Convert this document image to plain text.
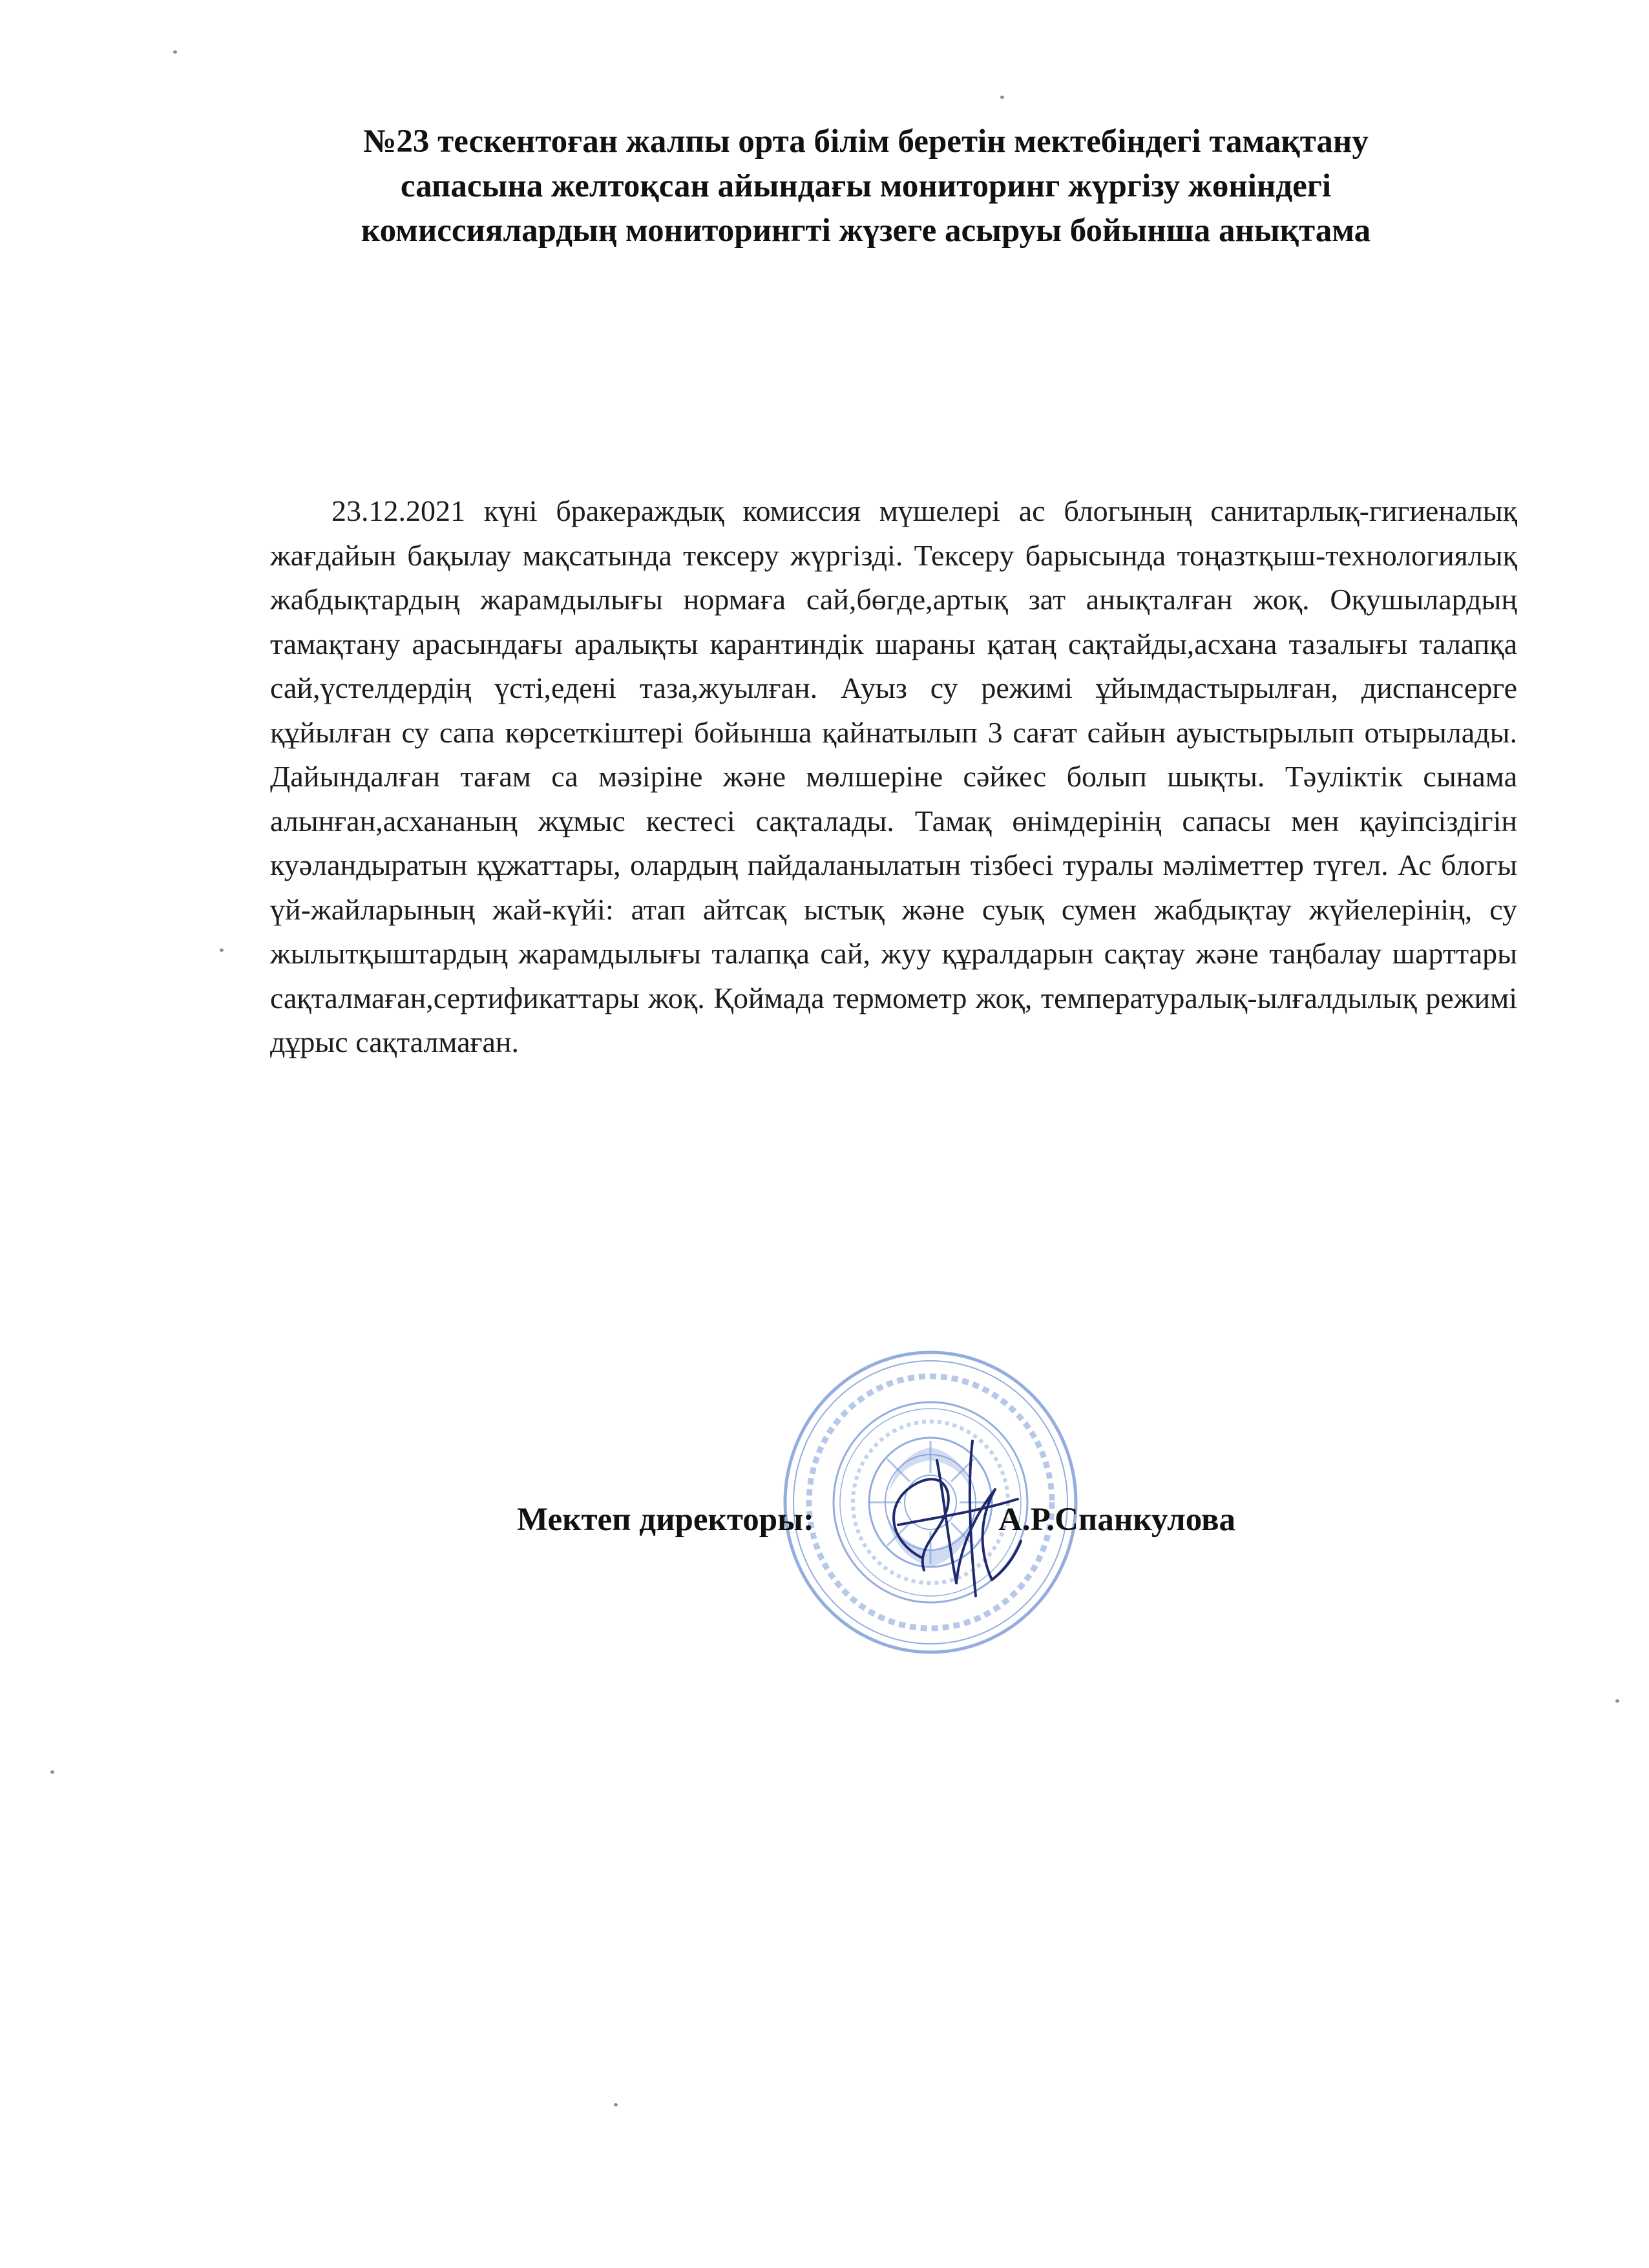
№23 тескентоған жалпы орта білім беретін мектебіндегі тамақтану
сапасына желтоқсан айындағы мониторинг жүргізу жөніндегі
комиссиялардың мониторингті жүзеге асыруы бойынша анықтама
23.12.2021 күні бракераждық комиссия мүшелері ас блогының санитарлық-гигиеналық жағдайын бақылау мақсатында тексеру жүргізді. Тексеру барысында тоңазтқыш-технологиялық жабдықтардың жарамдылығы нормаға сай,бөгде,артық зат анықталған жоқ. Оқушылардың тамақтану арасындағы аралықты карантиндік шараны қатаң сақтайды,асхана тазалығы талапқа сай,үстелдердің үсті,едені таза,жуылған. Ауыз су режимі ұйымдастырылған, диспансерге құйылған су сапа көрсеткіштері бойынша қайнатылып 3 сағат сайын ауыстырылып отырылады. Дайындалған тағам са мәзіріне және мөлшеріне сәйкес болып шықты. Тәуліктік сынама алынған,асхананың жұмыс кестесі сақталады. Тамақ өнімдерінің сапасы мен қауіпсіздігін куәландыратын құжаттары, олардың пайдаланылатын тізбесі туралы мәліметтер түгел. Ас блогы үй-жайларының жай-күйі: атап айтсақ ыстық және суық сумен жабдықтау жүйелерінің, су жылытқыштардың жарамдылығы талапқа сай, жуу құралдарын сақтау және таңбалау шарттары сақталмаған,сертификаттары жоқ. Қоймада термометр жоқ, температуралық-ылғалдылық режимі дұрыс сақталмаған.
Мектеп директоры:	А.Р.Спанкулова
